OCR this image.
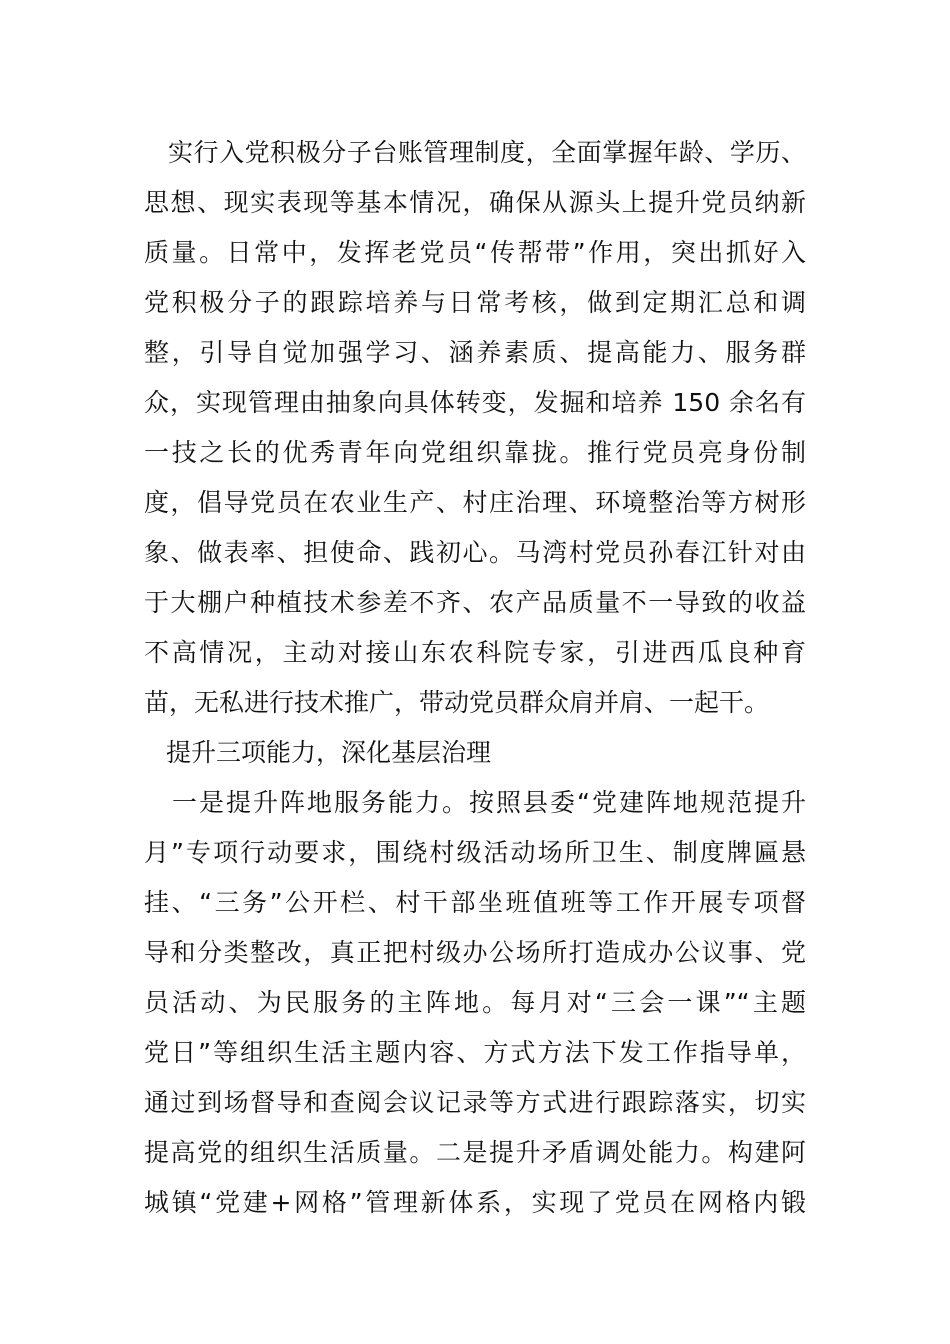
实行入党积极分子台账管理制度，全面掌握年龄、学历、
思想、现实表现等基本情况，确保从源头上提升党员纳新
质量。日常中，发挥老党员“传帮带”作用，突出抓好入
党积极分子的跟踪培养与日常考核，做到定期汇总和调
整，引导自觉加强学习、涵养素质、提高能力、服务群
众，实现管理由抽象向具体转变，发掘和培养 150 余名有
一技之长的优秀青年向党组织靠拢。推行党员亮身份制
度，倡导党员在农业生产、村庄治理、环境整治等方树形
象、做表率、担使命、践初心。马湾村党员孙春江针对由
于大棚户种植技术参差不齐、农产品质量不一导致的收益
不高情况，主动对接山东农科院专家，引进西瓜良种育
苗，无私进行技术推广，带动党员群众肩并肩、一起干。
提升三项能力，深化基层治理
一是提升阵地服务能力。按照县委“党建阵地规范提升
月”专项行动要求，围绕村级活动场所卫生、制度牌匾悬
挂、“三务”公开栏、村干部坐班值班等工作开展专项督
导和分类整改，真正把村级办公场所打造成办公议事、党
员活动、为民服务的主阵地。每月对“三会一课”“主题
党日”等组织生活主题内容、方式方法下发工作指导单，
通过到场督导和查阅会议记录等方式进行跟踪落实，切实
提高党的组织生活质量。二是提升矛盾调处能力。构建阿
城镇“党建+网格”管理新体系，实现了党员在网格内锻
